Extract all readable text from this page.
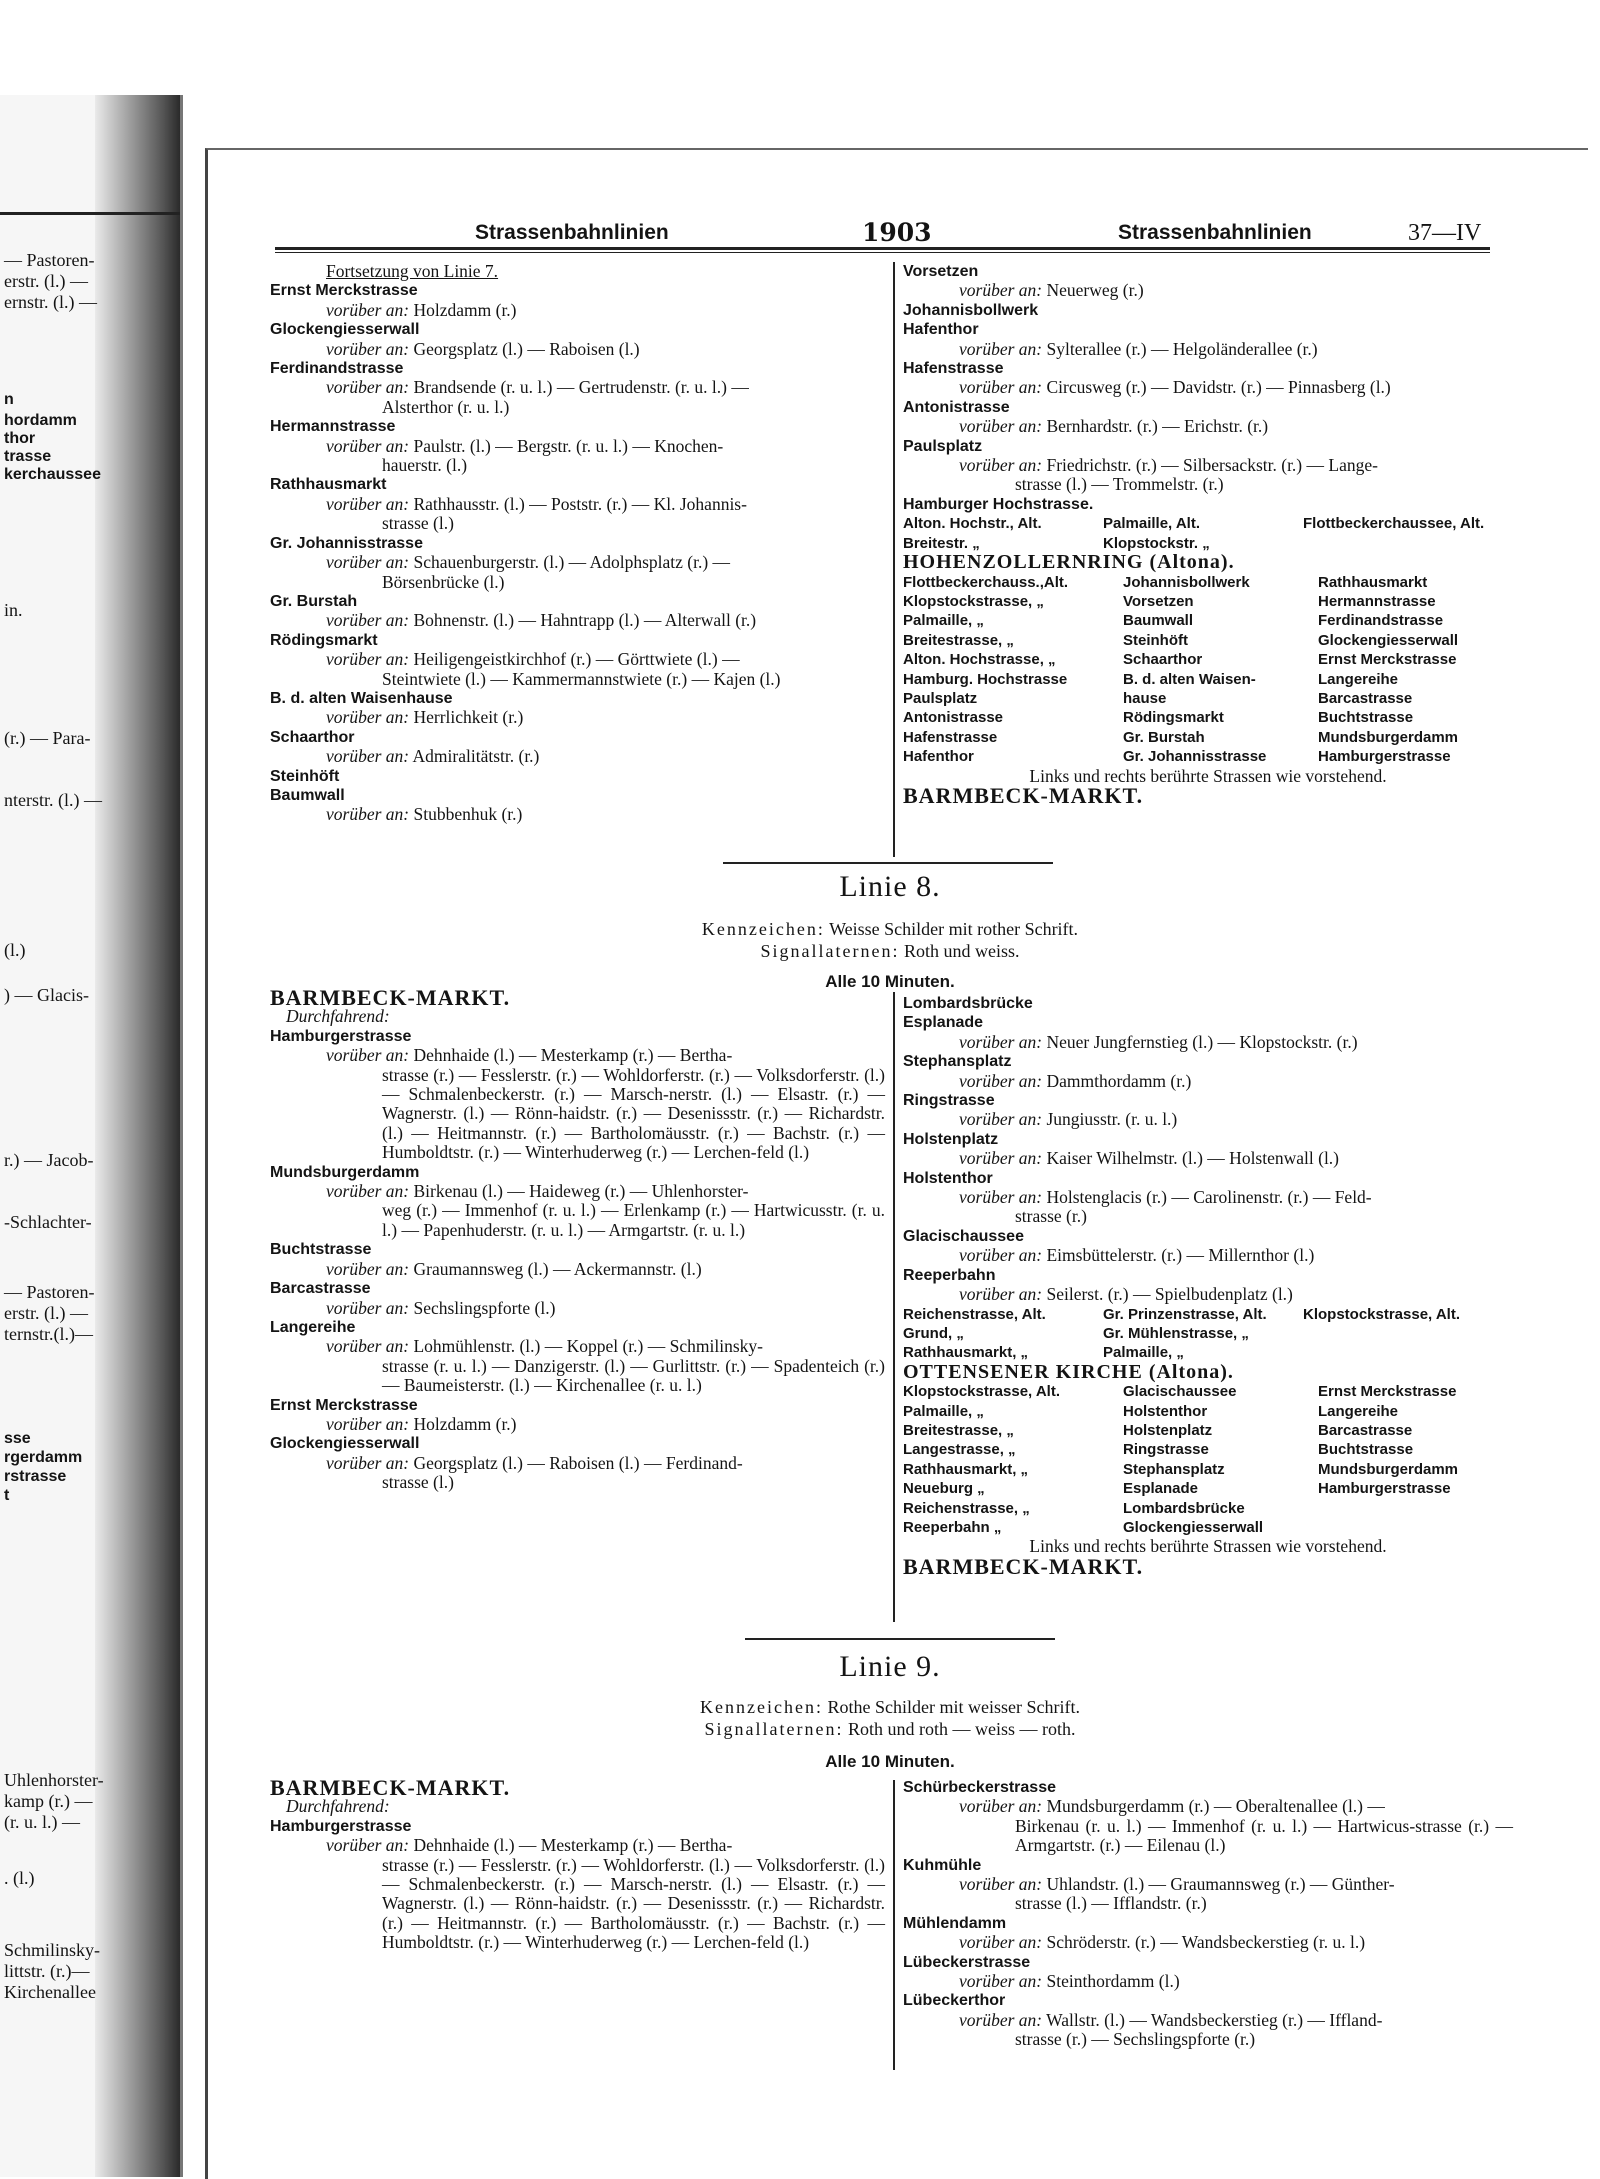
— Pastoren-
erstr. (l.) —
ernstr. (l.) —
n
hordamm
thor
trasse
kerchaussee
in.
(r.) — Para-
nterstr. (l.) —
(l.)
) — Glacis-
r.) — Jacob-
-Schlachter-
— Pastoren-
erstr. (l.) —
ternstr.(l.)—
sse
rgerdamm
rstrasse
t
Uhlenhorster-
kamp (r.) —
(r. u. l.) —
. (l.)
Schmilinsky-
littstr. (r.)—
Kirchenallee
Strassenbahnlinien	1903	Strassenbahnlinien	37—IV

Fortsetzung von Linie 7.

Ernst Merckstrasse

vorüber an: Holzdamm (r.)

Glockengiesserwall

vorüber an: Georgsplatz (l.) — Raboisen (l.)

Ferdinandstrasse

vorüber an: Brandsende (r. u. l.) — Gertrudenstr. (r. u. l.) —

Alsterthor (r. u. l.)

Hermannstrasse

vorüber an: Paulstr. (l.) — Bergstr. (r. u. l.) — Knochen-

hauerstr. (l.)

Rathhausmarkt

vorüber an: Rathhausstr. (l.) — Poststr. (r.) — Kl. Johannis-

strasse (l.)

Gr. Johannisstrasse

vorüber an: Schauenburgerstr. (l.) — Adolphsplatz (r.) —

Börsenbrücke (l.)

Gr. Burstah

vorüber an: Bohnenstr. (l.) — Hahntrapp (l.) — Alterwall (r.)

Rödingsmarkt

vorüber an: Heiligengeistkirchhof (r.) — Görttwiete (l.) —

Steintwiete (l.) — Kammermannstwiete (r.) — Kajen (l.)

B. d. alten Waisenhause

vorüber an: Herrlichkeit (r.)

Schaarthor

vorüber an: Admiralitätstr. (r.)

Steinhöft

Baumwall

vorüber an: Stubbenhuk (r.)

Vorsetzen

vorüber an: Neuerweg (r.)

Johannisbollwerk

Hafenthor

vorüber an: Sylterallee (r.) — Helgoländerallee (r.)

Hafenstrasse

vorüber an: Circusweg (r.) — Davidstr. (r.) — Pinnasberg (l.)

Antonistrasse

vorüber an: Bernhardstr. (r.) — Erichstr. (r.)

Paulsplatz

vorüber an: Friedrichstr. (r.) — Silbersackstr. (r.) — Lange-

strasse (l.) — Trommelstr. (r.)

Hamburger Hochstrasse.

Alton. Hochstr., Alt.	Palmaille, Alt.	Flottbeckerchaussee, Alt.
Breitestr. „	Klopstockstr. „

HOHENZOLLERNRING (Altona).

Flottbeckerchauss.,Alt.	Johannisbollwerk	Rathhausmarkt
Klopstockstrasse, „	Vorsetzen	Hermannstrasse
Palmaille, „	Baumwall	Ferdinandstrasse
Breitestrasse, „	Steinhöft	Glockengiesserwall
Alton. Hochstrasse, „	Schaarthor	Ernst Merckstrasse
Hamburg. Hochstrasse	B. d. alten Waisen-	Langereihe
Paulsplatz	hause	Barcastrasse
Antonistrasse	Rödingsmarkt	Buchtstrasse
Hafenstrasse	Gr. Burstah	Mundsburgerdamm
Hafenthor	Gr. Johannisstrasse	Hamburgerstrasse

Links und rechts berührte Strassen wie vorstehend.

BARMBECK-MARKT.

Linie 8.
Kennzeichen: Weisse Schilder mit rother Schrift.
Signallaternen: Roth und weiss.
Alle 10 Minuten.

BARMBECK-MARKT.

Durchfahrend:

Hamburgerstrasse

vorüber an: Dehnhaide (l.) — Mesterkamp (r.) — Bertha-

strasse (r.) — Fesslerstr. (r.) — Wohldorferstr. (r.) — Volksdorferstr. (l.) — Schmalenbeckerstr. (r.) — Marsch-nerstr. (l.) — Elsastr. (r.) — Wagnerstr. (l.) — Rönn-haidstr. (r.) — Desenissstr. (r.) — Richardstr. (l.) — Heitmannstr. (r.) — Bartholomäusstr. (r.) — Bachstr. (r.) — Humboldtstr. (r.) — Winterhuderweg (r.) — Lerchen-feld (l.)

Mundsburgerdamm

vorüber an: Birkenau (l.) — Haideweg (r.) — Uhlenhorster-

weg (r.) — Immenhof (r. u. l.) — Erlenkamp (r.) — Hartwicusstr. (r. u. l.) — Papenhuderstr. (r. u. l.) — Armgartstr. (r. u. l.)

Buchtstrasse

vorüber an: Graumannsweg (l.) — Ackermannstr. (l.)

Barcastrasse

vorüber an: Sechslingspforte (l.)

Langereihe

vorüber an: Lohmühlenstr. (l.) — Koppel (r.) — Schmilinsky-

strasse (r. u. l.) — Danzigerstr. (l.) — Gurlittstr. (r.) — Spadenteich (r.) — Baumeisterstr. (l.) — Kirchenallee (r. u. l.)

Ernst Merckstrasse

vorüber an: Holzdamm (r.)

Glockengiesserwall

vorüber an: Georgsplatz (l.) — Raboisen (l.) — Ferdinand-

strasse (l.)

Lombardsbrücke

Esplanade

vorüber an: Neuer Jungfernstieg (l.) — Klopstockstr. (r.)

Stephansplatz

vorüber an: Dammthordamm (r.)

Ringstrasse

vorüber an: Jungiusstr. (r. u. l.)

Holstenplatz

vorüber an: Kaiser Wilhelmstr. (l.) — Holstenwall (l.)

Holstenthor

vorüber an: Holstenglacis (r.) — Carolinenstr. (r.) — Feld-

strasse (r.)

Glacischaussee

vorüber an: Eimsbüttelerstr. (r.) — Millernthor (l.)

Reeperbahn

vorüber an: Seilerst. (r.) — Spielbudenplatz (l.)

Reichenstrasse, Alt.	Gr. Prinzenstrasse, Alt.	Klopstockstrasse, Alt.
Grund, „	Gr. Mühlenstrasse, „
Rathhausmarkt, „	Palmaille, „

OTTENSENER KIRCHE (Altona).

Klopstockstrasse, Alt.	Glacischaussee	Ernst Merckstrasse
Palmaille, „	Holstenthor	Langereihe
Breitestrasse, „	Holstenplatz	Barcastrasse
Langestrasse, „	Ringstrasse	Buchtstrasse
Rathhausmarkt, „	Stephansplatz	Mundsburgerdamm
Neueburg „	Esplanade	Hamburgerstrasse
Reichenstrasse, „	Lombardsbrücke
Reeperbahn „	Glockengiesserwall

Links und rechts berührte Strassen wie vorstehend.

BARMBECK-MARKT.

Linie 9.
Kennzeichen: Rothe Schilder mit weisser Schrift.
Signallaternen: Roth und roth — weiss — roth.
Alle 10 Minuten.

BARMBECK-MARKT.

Durchfahrend:

Hamburgerstrasse

vorüber an: Dehnhaide (l.) — Mesterkamp (r.) — Bertha-

strasse (r.) — Fesslerstr. (r.) — Wohldorferstr. (l.) — Volksdorferstr. (l.) — Schmalenbeckerstr. (r.) — Marsch-nerstr. (l.) — Elsastr. (r.) — Wagnerstr. (l.) — Rönn-haidstr. (r.) — Desenissstr. (r.) — Richardstr. (r.) — Heitmannstr. (r.) — Bartholomäusstr. (r.) — Bachstr. (r.) — Humboldtstr. (r.) — Winterhuderweg (r.) — Lerchen-feld (l.)

Schürbeckerstrasse

vorüber an: Mundsburgerdamm (r.) — Oberaltenallee (l.) —

Birkenau (r. u. l.) — Immenhof (r. u. l.) — Hartwicus-strasse (r.) — Armgartstr. (r.) — Eilenau (l.)

Kuhmühle

vorüber an: Uhlandstr. (l.) — Graumannsweg (r.) — Günther-

strasse (l.) — Ifflandstr. (r.)

Mühlendamm

vorüber an: Schröderstr. (r.) — Wandsbeckerstieg (r. u. l.)

Lübeckerstrasse

vorüber an: Steinthordamm (l.)

Lübeckerthor

vorüber an: Wallstr. (l.) — Wandsbeckerstieg (r.) — Iffland-

strasse (r.) — Sechslingspforte (r.)
